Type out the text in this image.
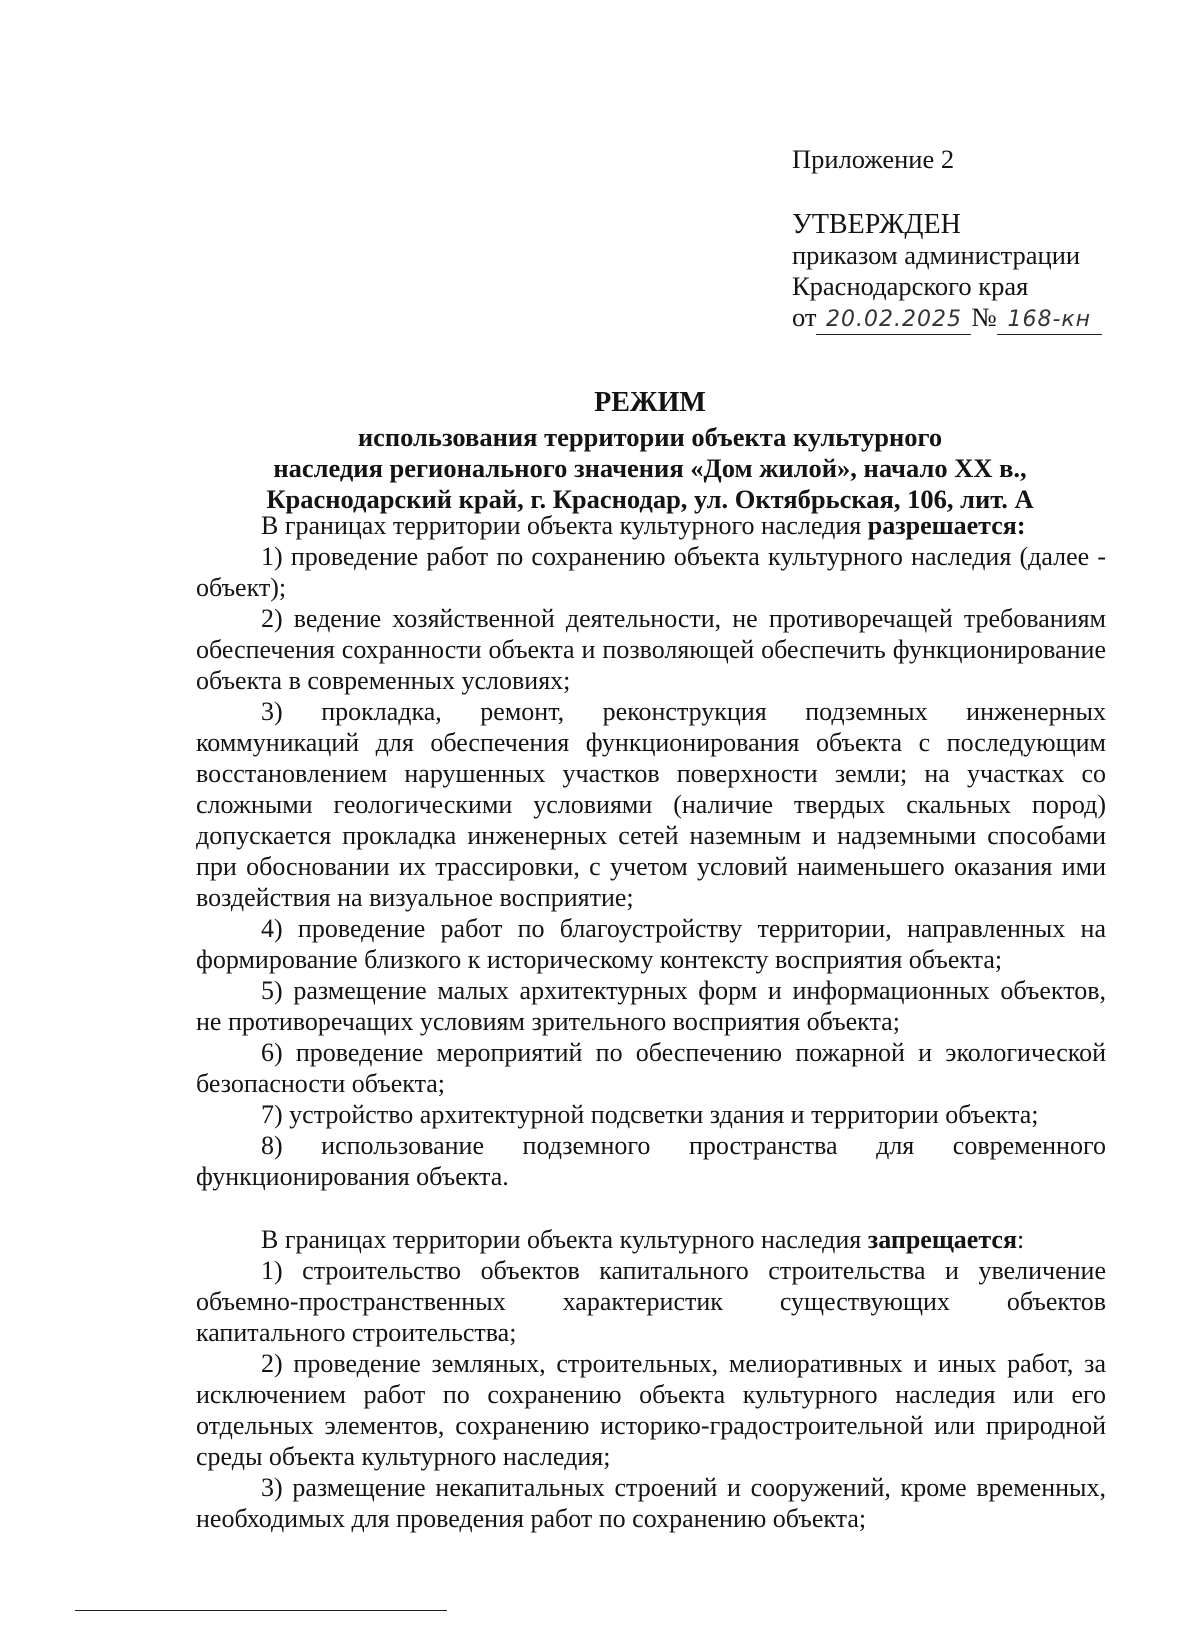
Приложение 2

УТВЕРЖДЕН

приказом администрации

Краснодарского края

от 20.02.2025 № 168-кн

РЕЖИМ

использования территории объекта культурного

наследия регионального значения «Дом жилой», начало XX в.,

Краснодарский край, г. Краснодар, ул. Октябрьская, 106, лит. А

В границах территории объекта культурного наследия разрешается:

1) проведение работ по сохранению объекта культурного наследия (далее - объект);

2) ведение хозяйственной деятельности, не противоречащей требованиям обеспечения сохранности объекта и позволяющей обеспечить функционирование объекта в современных условиях;

3) прокладка, ремонт, реконструкция подземных инженерных коммуникаций для обеспечения функционирования объекта с последующим восстановлением нарушенных участков поверхности земли; на участках со сложными геологическими условиями (наличие твердых скальных пород) допускается прокладка инженерных сетей наземным и надземными способами при обосновании их трассировки, с учетом условий наименьшего оказания ими воздействия на визуальное восприятие;

4) проведение работ по благоустройству территории, направленных на формирование близкого к историческому контексту восприятия объекта;

5) размещение малых архитектурных форм и информационных объектов, не противоречащих условиям зрительного восприятия объекта;

6) проведение мероприятий по обеспечению пожарной и экологической безопасности объекта;

7) устройство архитектурной подсветки здания и территории объекта;

8) использование подземного пространства для современного функционирования объекта.

В границах территории объекта культурного наследия запрещается:

1) строительство объектов капитального строительства и увеличение объемно-пространственных характеристик существующих объектов капитального строительства;

2) проведение земляных, строительных, мелиоративных и иных работ, за исключением работ по сохранению объекта культурного наследия или его отдельных элементов, сохранению историко-градостроительной или природной среды объекта культурного наследия;

3) размещение некапитальных строений и сооружений, кроме временных, необходимых для проведения работ по сохранению объекта;
